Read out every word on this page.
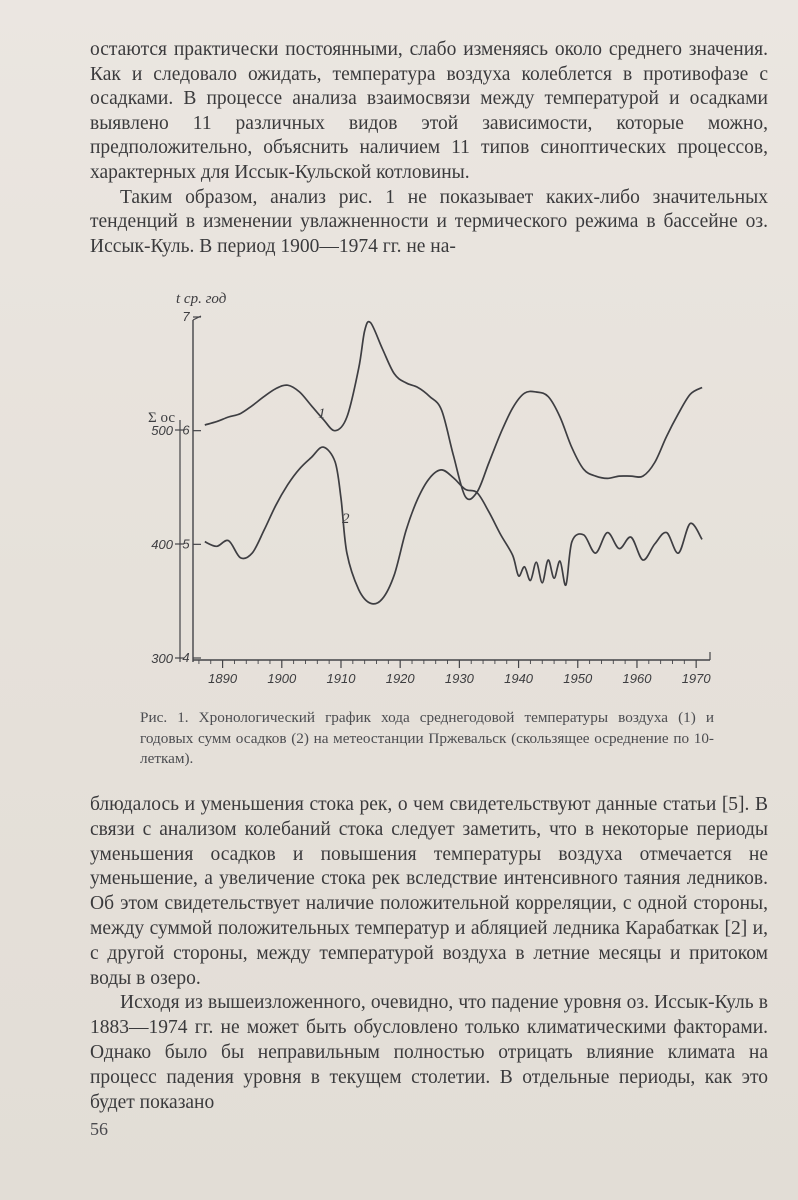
остаются практически постоянными, слабо изменяясь около среднего значения. Как и следовало ожидать, температура воздуха колеблется в противофазе с осадками. В процессе анализа взаимосвязи между температурой и осадками выявлено 11 различных видов этой зависимости, которые можно, предположительно, объяснить наличием 11 типов синоптических процессов, характерных для Иссык-Кульской котловины.

Таким образом, анализ рис. 1 не показывает каких-либо значительных тенденций в изменении увлажненности и термического режима в бассейне оз. Иссык-Куль. В период 1900—1974 гг. не на-

1890 1900 1910 1920 1930 1940 1950 1960 1970
4
5
6
7
300
400
500
t ср. год
Σ ос	1
2
Рис. 1. Хронологический график хода среднегодовой температуры воздуха (1) и годовых сумм осадков (2) на метеостанции Пржевальск (скользящее осреднение по 10-леткам).

блюдалось и уменьшения стока рек, о чем свидетельствуют данные статьи [5]. В связи с анализом колебаний стока следует заметить, что в некоторые периоды уменьшения осадков и повышения температуры воздуха отмечается не уменьшение, а увеличение стока рек вследствие интенсивного таяния ледников. Об этом свидетельствует наличие положительной корреляции, с одной стороны, между суммой положительных температур и абляцией ледника Карабаткак [2] и, с другой стороны, между температурой воздуха в летние месяцы и притоком воды в озеро.

Исходя из вышеизложенного, очевидно, что падение уровня оз. Иссык-Куль в 1883—1974 гг. не может быть обусловлено только климатическими факторами. Однако было бы неправильным полностью отрицать влияние климата на процесс падения уровня в текущем столетии. В отдельные периоды, как это будет показано

56
